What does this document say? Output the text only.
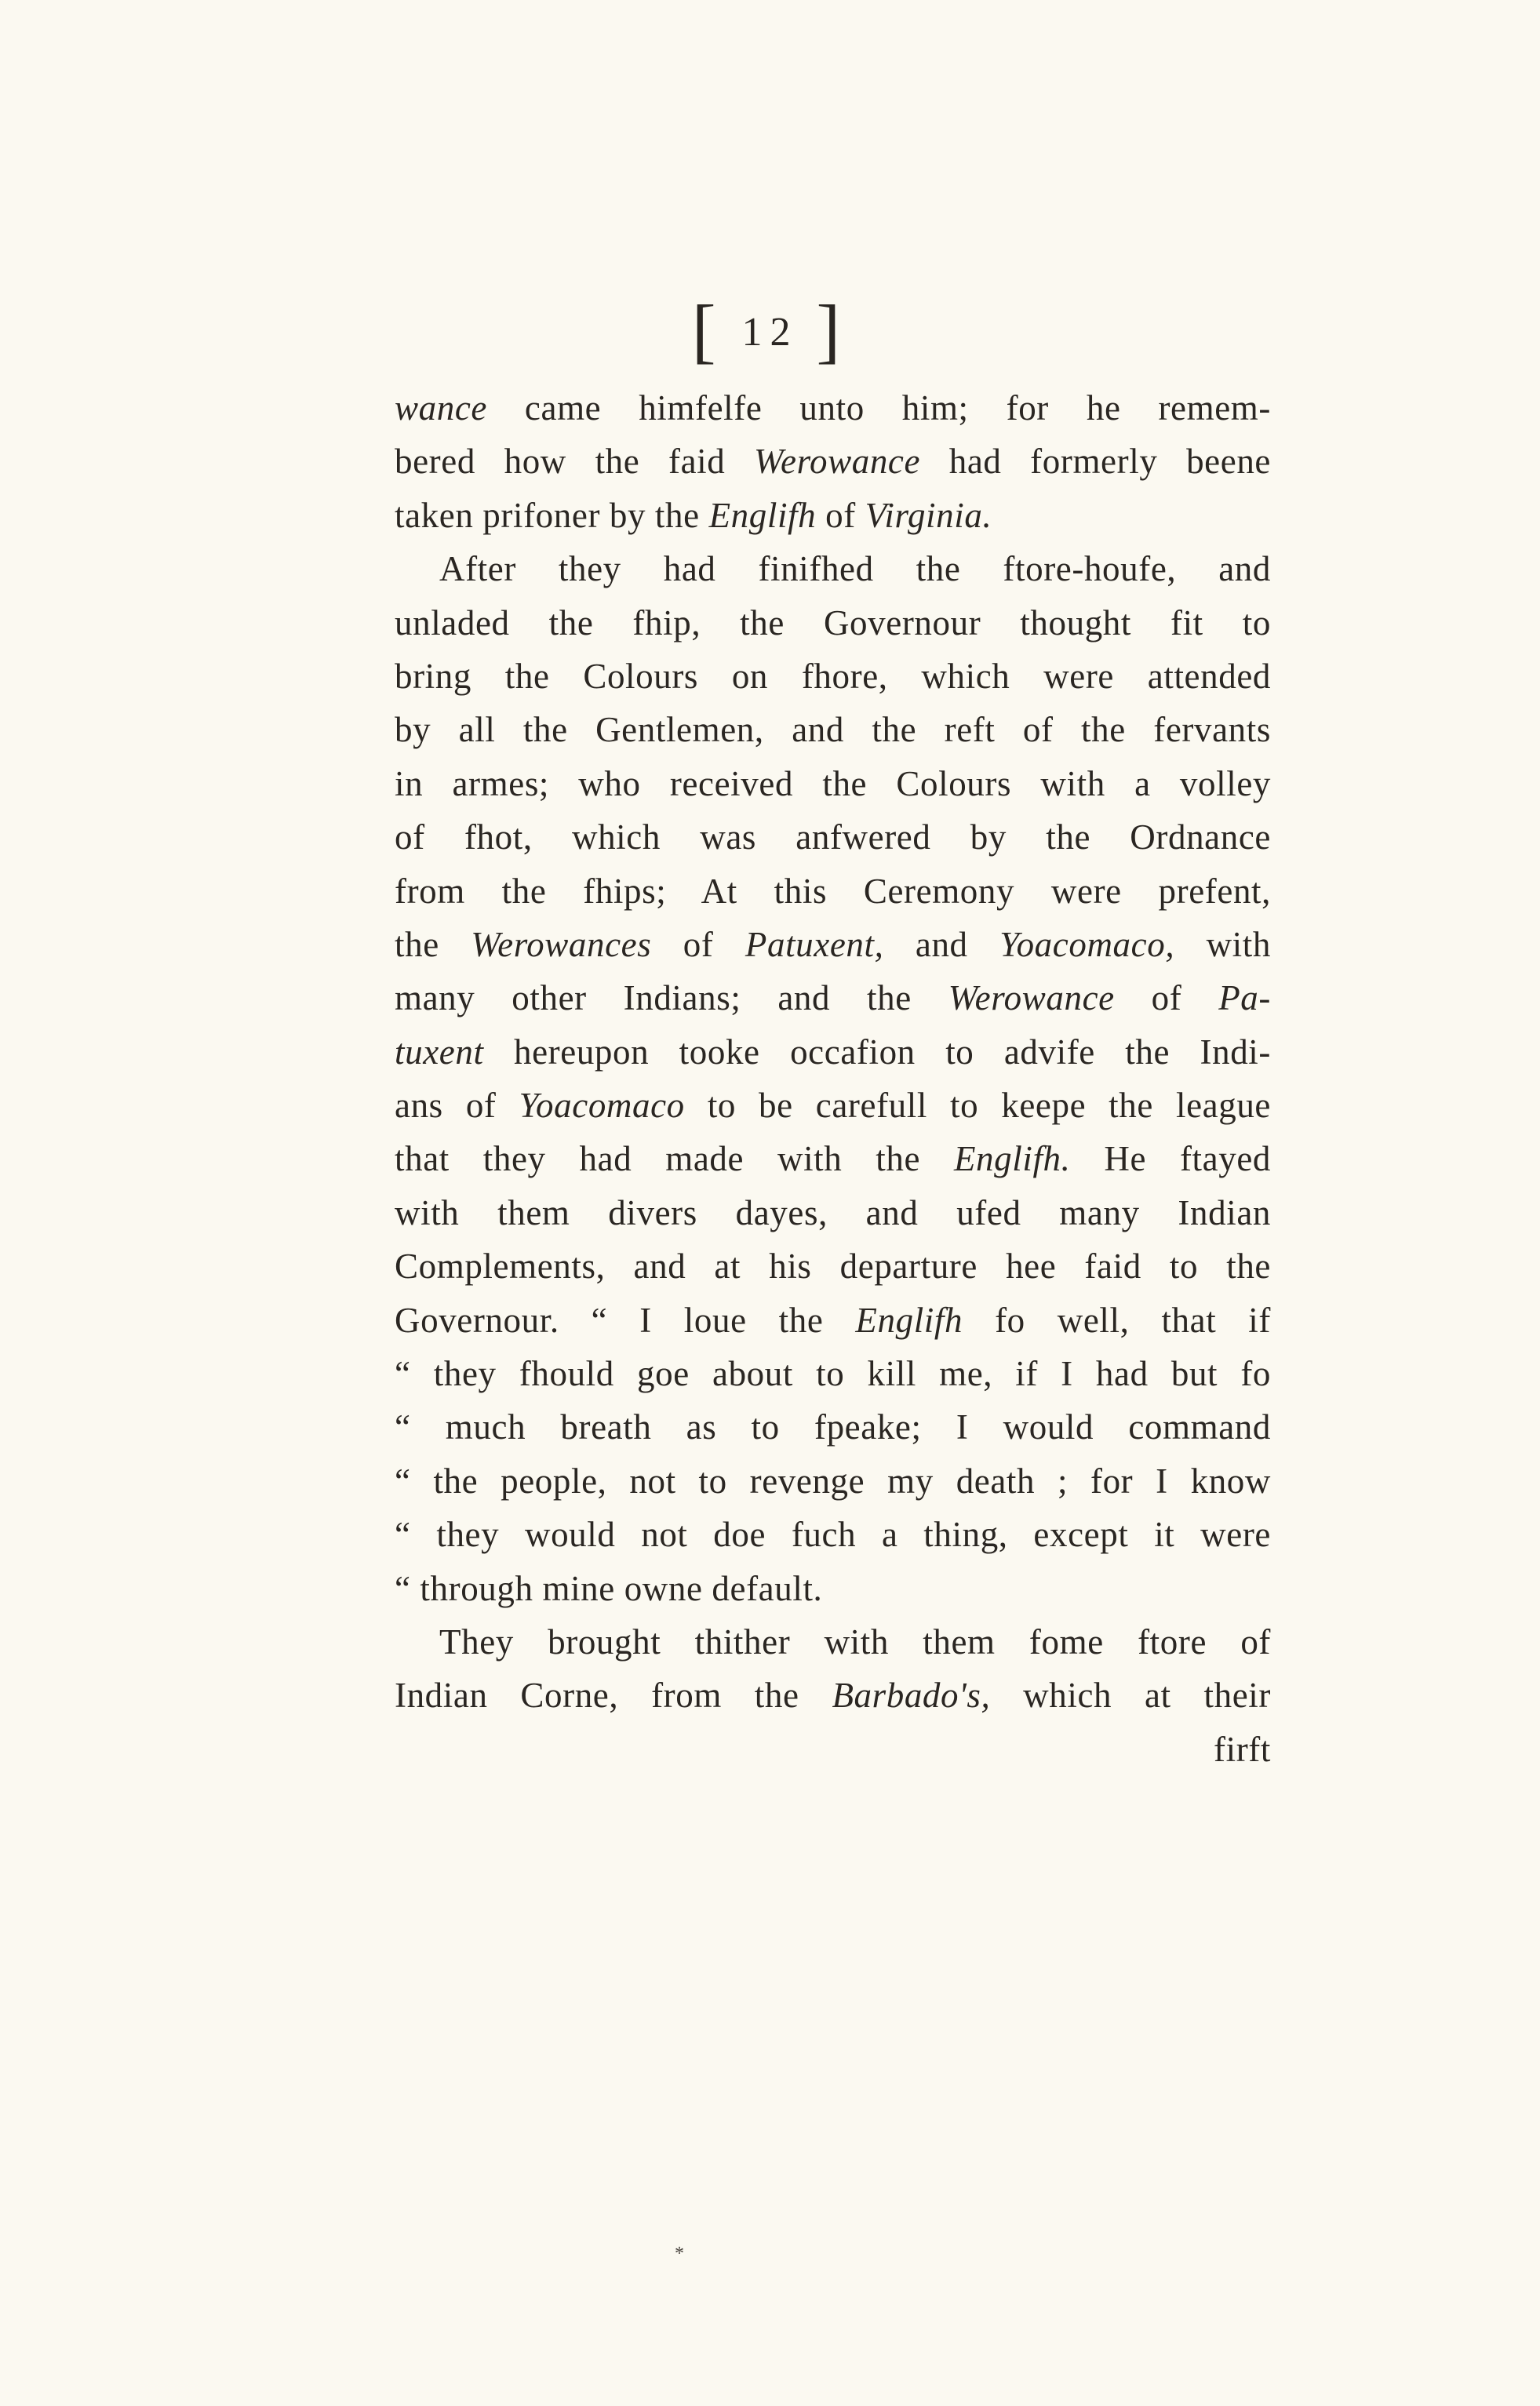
[ 12 ]
wance came himfelfe unto him; for he remem-
bered how the faid Werowance had formerly beene
taken prifoner by the Englifh of Virginia.
After they had finifhed the ftore-houfe, and
unladed the fhip, the Governour thought fit to
bring the Colours on fhore, which were attended
by all the Gentlemen, and the reft of the fervants
in armes; who received the Colours with a volley
of fhot, which was anfwered by the Ordnance
from the fhips; At this Ceremony were prefent,
the Werowances of Patuxent, and Yoacomaco, with
many other Indians; and the Werowance of Pa-
tuxent hereupon tooke occafion to advife the Indi-
ans of Yoacomaco to be carefull to keepe the league
that they had made with the Englifh. He ftayed
with them divers dayes, and ufed many Indian
Complements, and at his departure hee faid to the
Governour. “ I loue the Englifh fo well, that if
“ they fhould goe about to kill me, if I had but fo
“ much breath as to fpeake; I would command
“ the people, not to revenge my death ; for I know
“ they would not doe fuch a thing, except it were
“ through mine owne default.
They brought thither with them fome ftore of
Indian Corne, from the Barbado's, which at their
firft
*
